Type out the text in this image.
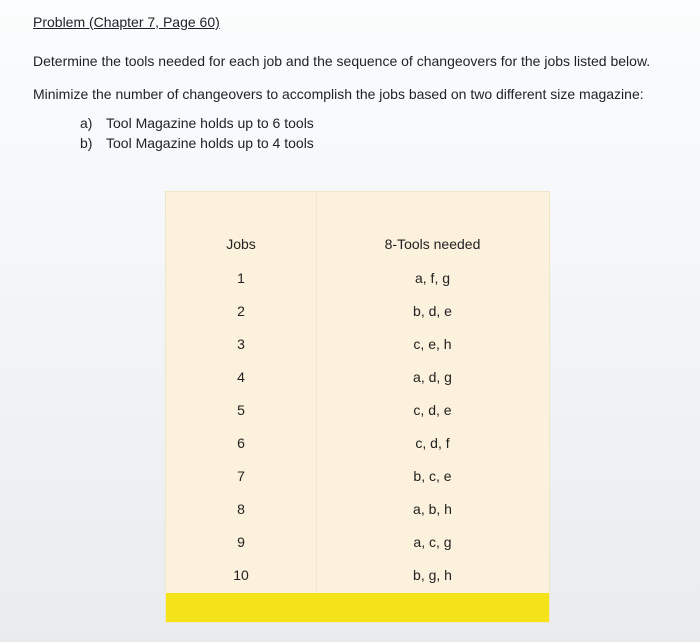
Problem (Chapter 7, Page 60)
Determine the tools needed for each job and the sequence of changeovers for the jobs listed below.
Minimize the number of changeovers to accomplish the jobs based on two different size magazine:
a) Tool Magazine holds up to 6 tools
b) Tool Magazine holds up to 4 tools
Jobs	8-Tools needed
1	a, f, g
2	b, d, e
3	c, e, h
4	a, d, g
5	c, d, e
6	c, d, f
7	b, c, e
8	a, b, h
9	a, c, g
10	b, g, h
